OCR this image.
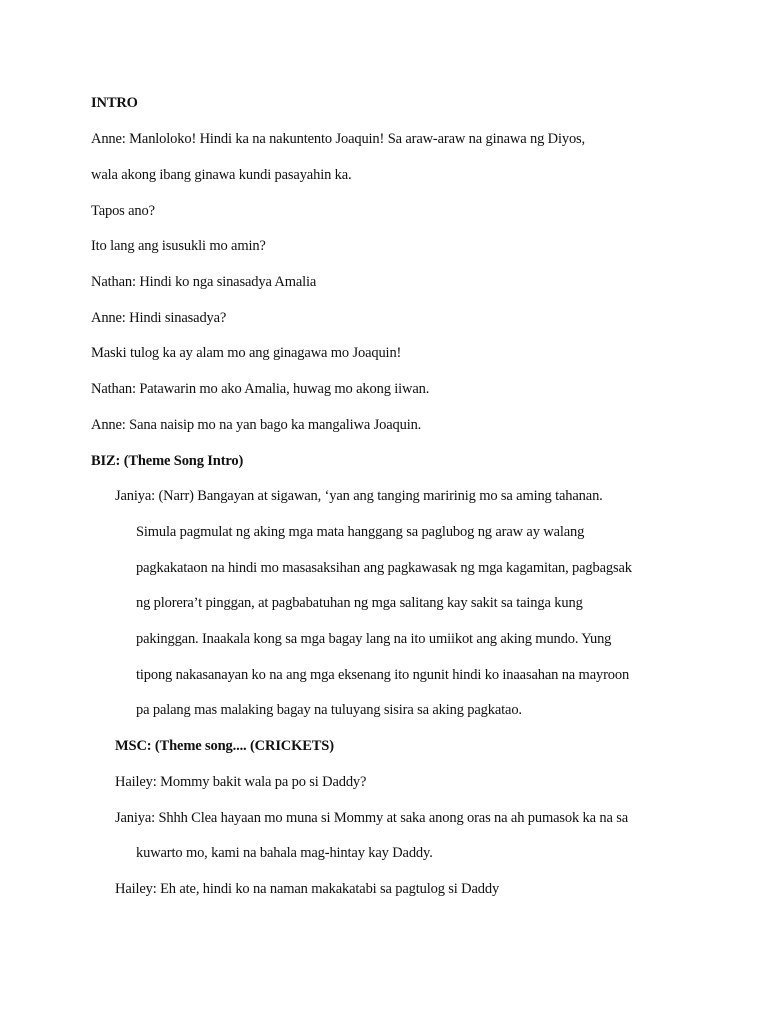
INTRO

Anne: Manloloko! Hindi ka na nakuntento Joaquin! Sa araw-araw na ginawa ng Diyos,

wala akong ibang ginawa kundi pasayahin ka.

Tapos ano?

Ito lang ang isusukli mo amin?

Nathan: Hindi ko nga sinasadya Amalia

Anne: Hindi sinasadya?

Maski tulog ka ay alam mo ang ginagawa mo Joaquin!

Nathan: Patawarin mo ako Amalia, huwag mo akong iiwan.

Anne: Sana naisip mo na yan bago ka mangaliwa Joaquin.

BIZ: (Theme Song Intro)

Janiya: (Narr) Bangayan at sigawan, ‘yan ang tanging maririnig mo sa aming tahanan.

Simula pagmulat ng aking mga mata hanggang sa paglubog ng araw ay walang

pagkakataon na hindi mo masasaksihan ang pagkawasak ng mga kagamitan, pagbagsak

ng plorera’t pinggan, at pagbabatuhan ng mga salitang kay sakit sa tainga kung

pakinggan. Inaakala kong sa mga bagay lang na ito umiikot ang aking mundo. Yung

tipong nakasanayan ko na ang mga eksenang ito ngunit hindi ko inaasahan na mayroon

pa palang mas malaking bagay na tuluyang sisira sa aking pagkatao.

MSC: (Theme song.... (CRICKETS)

Hailey: Mommy bakit wala pa po si Daddy?

Janiya: Shhh Clea hayaan mo muna si Mommy at saka anong oras na ah pumasok ka na sa

kuwarto mo, kami na bahala mag-hintay kay Daddy.

Hailey: Eh ate, hindi ko na naman makakatabi sa pagtulog si Daddy
